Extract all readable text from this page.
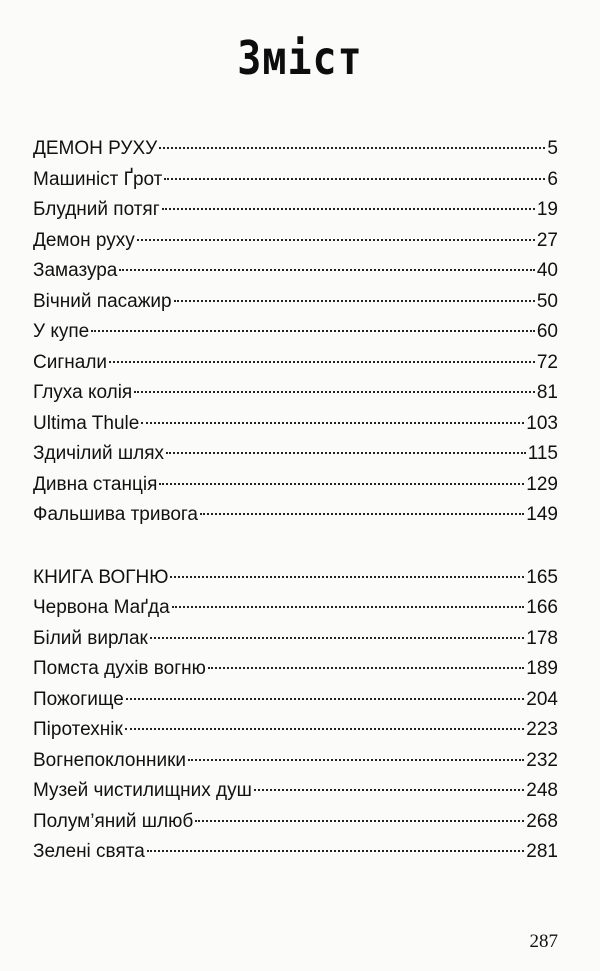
Зміст
ДЕМОН РУХУ	5
Машиніст Ґрот	6
Блудний потяг	19
Демон руху	27
Замазура	40
Вічний пасажир	50
У купе	60
Сигнали	72
Глуха колія	81
Ultima Thule	103
Здичілий шлях	115
Дивна станція	129
Фальшива тривога	149
КНИГА ВОГНЮ	165
Червона Маґда	166
Білий вирлак	178
Помста духів вогню	189
Пожогище	204
Піротехнік	223
Вогнепоклонники	232
Музей чистилищних душ	248
Полум’яний шлюб	268
Зелені свята	281
287
